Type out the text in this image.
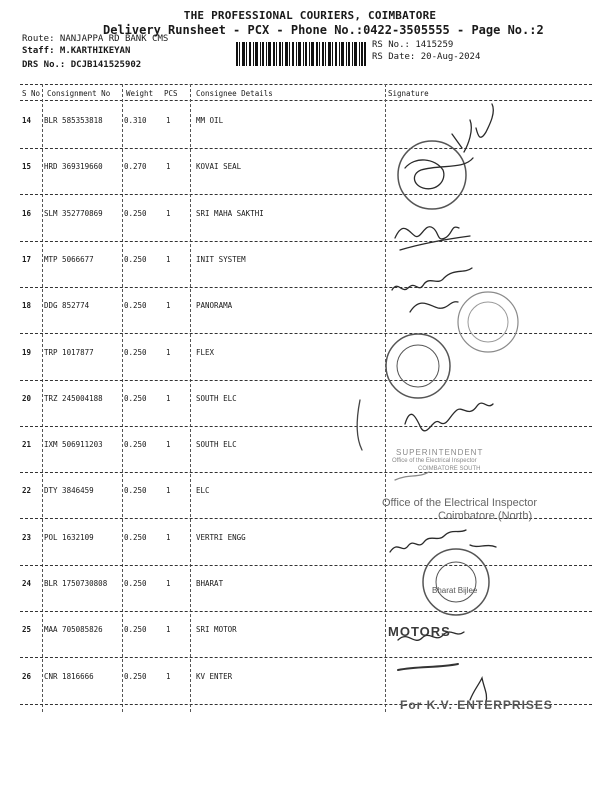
THE PROFESSIONAL COURIERS, COIMBATORE
Delivery Runsheet - PCX - Phone No.:0422-3505555 - Page No.:2
Route: NANJAPPA RD BANK CMS
Staff: M.KARTHIKEYAN
DRS No.: DCJB141525902
RS No.: 1415259
RS Date: 20-Aug-2024
S No Consignment No Weight PCS Consignee Details	Signature
14 BLR 585353818	0.310	1	MM OIL
15 HRD 369319660	0.270	1	KOVAI SEAL
16 SLM 352770869	0.250	1	SRI MAHA SAKTHI
17 MTP 5066677	0.250	1	INIT SYSTEM
18 DDG 852774	0.250	1	PANORAMA
19 TRP 1017877	0.250	1	FLEX
20 TRZ 245004188	0.250	1	SOUTH ELC
21 IXM 506911203	0.250	1	SOUTH ELC
22 DTY 3846459	0.250	1	ELC
23 POL 1632109	0.250	1	VERTRI ENGG
24 BLR 1750730808 0.250	1	BHARAT
25 MAA 705085826	0.250	1	SRI MOTOR
26 CNR 1816666	0.250	1	KV ENTER
SUPERINTENDENT
Office of the Electrical Inspector
COIMBATORE SOUTH
Office of the Electrical Inspector
Coimbatore (North)
Bharat Bijlee
MOTORS
For K.V. ENTERPRISES
